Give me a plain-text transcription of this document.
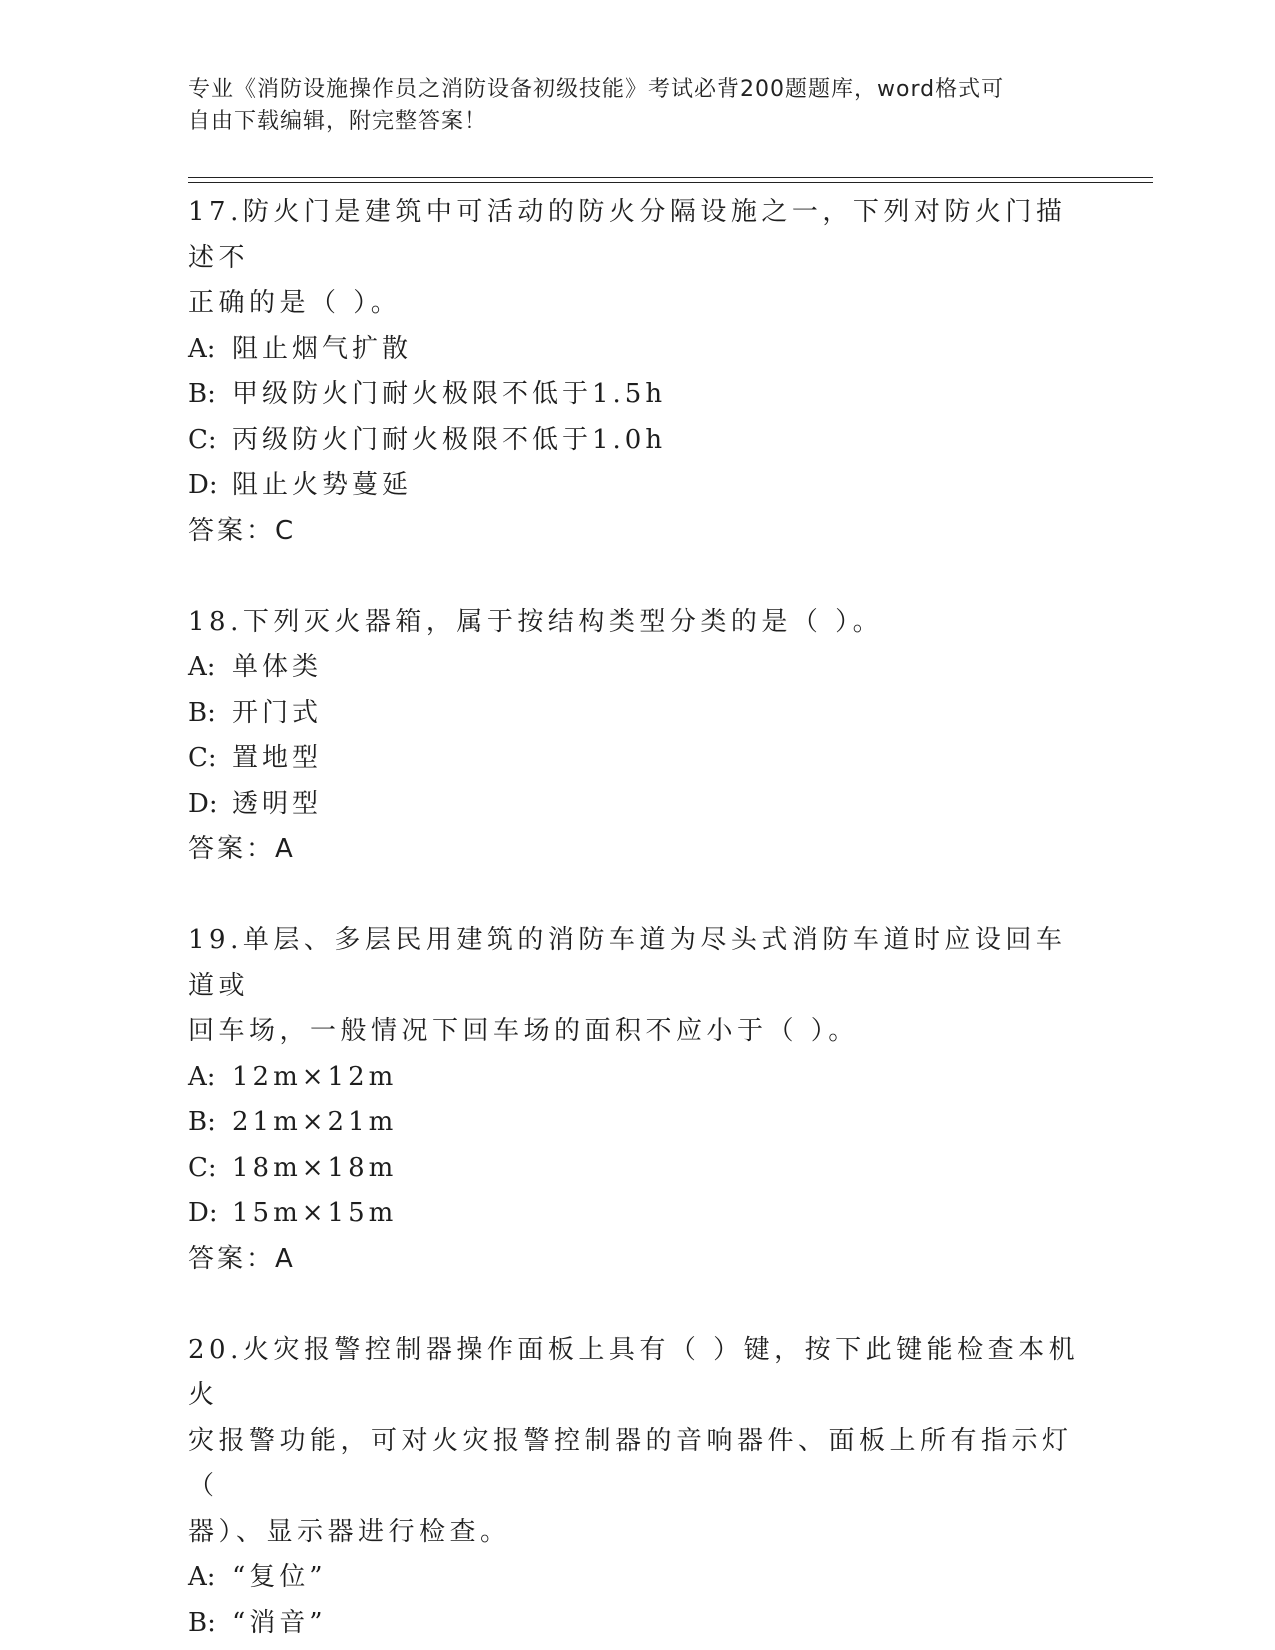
专业《消防设施操作员之消防设备初级技能》考试必背200题题库，word格式可
自由下载编辑，附完整答案！
17.防火门是建筑中可活动的防火分隔设施之一，下列对防火门描述不
正确的是（ ）。
A: 阻止烟气扩散
B: 甲级防火门耐火极限不低于1.5h
C: 丙级防火门耐火极限不低于1.0h
D: 阻止火势蔓延
答案：C
18.下列灭火器箱，属于按结构类型分类的是（ ）。
A: 单体类
B: 开门式
C: 置地型
D: 透明型
答案：A
19.单层、多层民用建筑的消防车道为尽头式消防车道时应设回车道或
回车场，一般情况下回车场的面积不应小于（ ）。
A: 12m×12m
B: 21m×21m
C: 18m×18m
D: 15m×15m
答案：A
20.火灾报警控制器操作面板上具有（ ）键，按下此键能检查本机火
灾报警功能，可对火灾报警控制器的音响器件、面板上所有指示灯（
器）、显示器进行检查。
A: “复位”
B: “消音”
